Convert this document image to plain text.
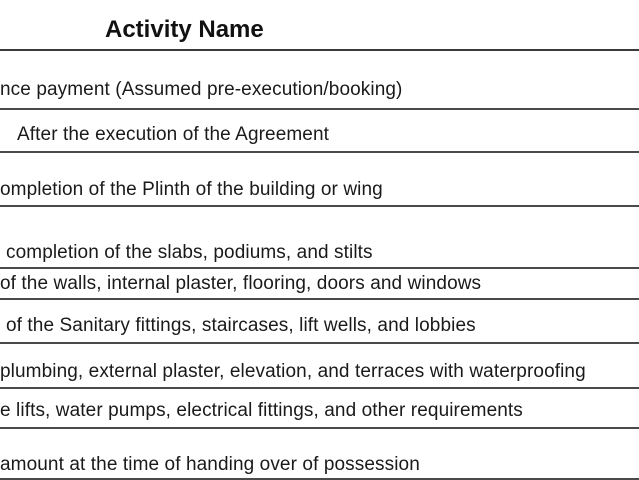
Activity Name
nce payment (Assumed pre-execution/booking)
After the execution of the Agreement
ompletion of the Plinth of the building or wing
completion of the slabs, podiums, and stilts
of the walls, internal plaster, flooring, doors and windows
of the Sanitary fittings, staircases, lift wells, and lobbies
plumbing, external plaster, elevation, and terraces with waterproofing
e lifts, water pumps, electrical fittings, and other requirements
amount at the time of handing over of possession
